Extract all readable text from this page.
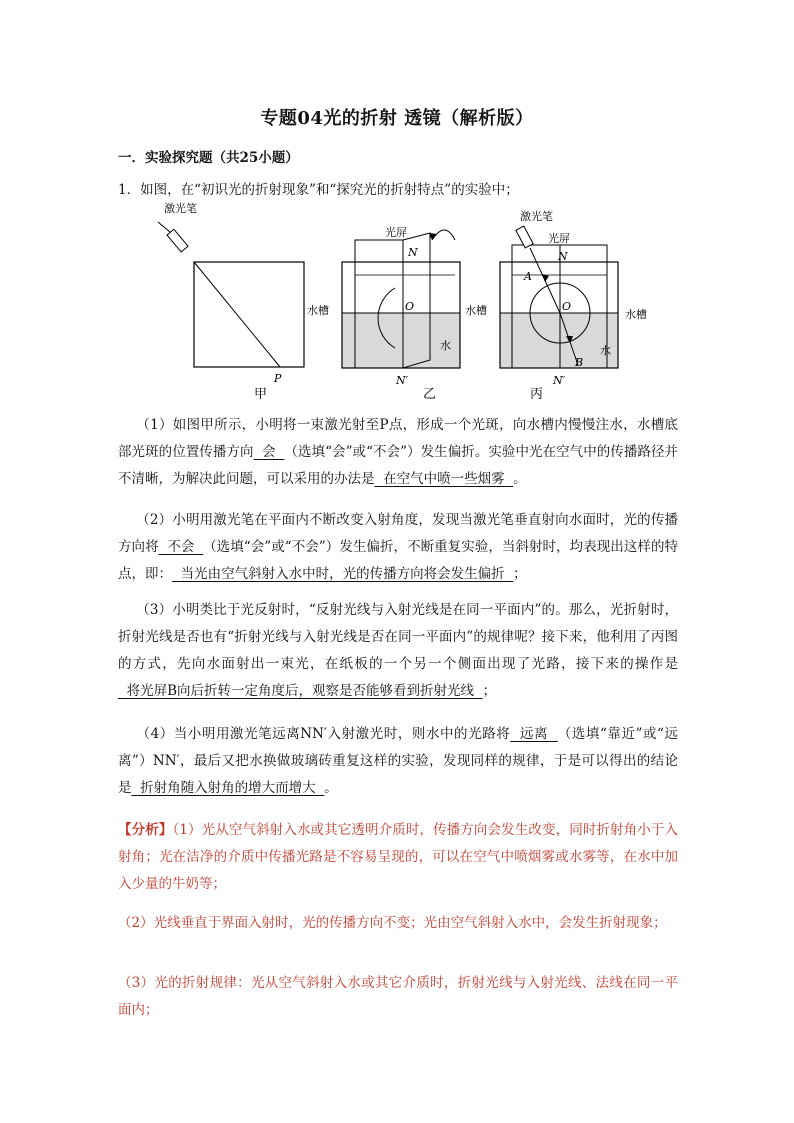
专题04光的折射 透镜（解析版）
一．实验探究题（共25小题）
1．如图，在“初识光的折射现象”和“探究光的折射特点”的实验中；
激光笔
P
甲
光屏
N
O
N′
水槽
水
乙
激光笔
光屏
N
A
O
B
N′
水槽	水槽
水
丙
（1）如图甲所示，小明将一束激光射至P点，形成一个光斑，向水槽内慢慢注水，水槽底部光斑的位置传播方向  会  （选填“会”或“不会”）发生偏折。实验中光在空气中的传播路径并不清晰，为解决此问题，可以采用的办法是  在空气中喷一些烟雾  。
（2）小明用激光笔在平面内不断改变入射角度，发现当激光笔垂直射向水面时，光的传播方向将  不会  （选填“会”或“不会”）发生偏折，不断重复实验，当斜射时，均表现出这样的特点，即：  当光由空气斜射入水中时，光的传播方向将会发生偏折  ；
（3）小明类比于光反射时，“反射光线与入射光线是在同一平面内”的。那么，光折射时，折射光线是否也有“折射光线与入射光线是否在同一平面内”的规律呢？接下来，他利用了丙图的方式，先向水面射出一束光，在纸板的一个另一个侧面出现了光路，接下来的操作是  将光屏B向后折转一定角度后，观察是否能够看到折射光线  ；
（4）当小明用激光笔远离NN′入射激光时，则水中的光路将  远离  （选填“靠近”或“远离”）NN′，最后又把水换做玻璃砖重复这样的实验，发现同样的规律，于是可以得出的结论是  折射角随入射角的增大而增大  。
【分析】（1）光从空气斜射入水或其它透明介质时，传播方向会发生改变，同时折射角小于入射角；光在洁净的介质中传播光路是不容易呈现的，可以在空气中喷烟雾或水雾等，在水中加入少量的牛奶等；
（2）光线垂直于界面入射时，光的传播方向不变；光由空气斜射入水中，会发生折射现象；
（3）光的折射规律：光从空气斜射入水或其它介质时，折射光线与入射光线、法线在同一平面内；
